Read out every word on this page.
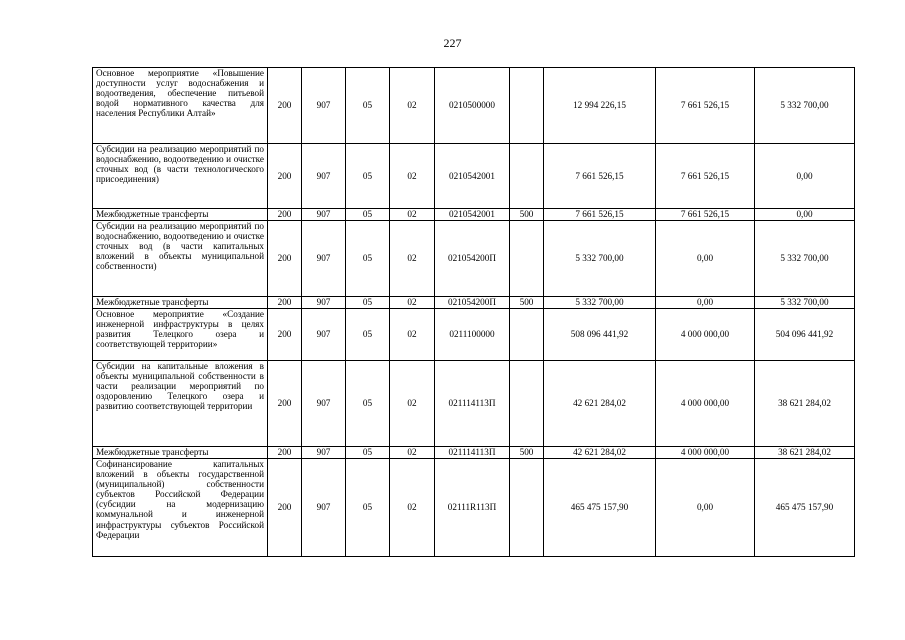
227
Основное мероприятие «Повышение доступности услуг водоснабжения и водоотведения, обеспечение питьевой водой нормативного качества для населения Республики Алтай»	200	907	05	02	0210500000		12 994 226,15	7 661 526,15	5 332 700,00
Субсидии на реализацию мероприятий по водоснабжению, водоотведению и очистке сточных вод (в части технологического присоединения)	200	907	05	02	0210542001		7 661 526,15	7 661 526,15	0,00
Межбюджетные трансферты	200	907	05	02	0210542001	500	7 661 526,15	7 661 526,15	0,00
Субсидии на реализацию мероприятий по водоснабжению, водоотведению и очистке сточных вод (в части капитальных вложений в объекты муниципальной собственности)	200	907	05	02	021054200П		5 332 700,00	0,00	5 332 700,00
Межбюджетные трансферты	200	907	05	02	021054200П	500	5 332 700,00	0,00	5 332 700,00
Основное мероприятие «Создание инженерной инфраструктуры в целях развития Телецкого озера и соответствующей территории»	200	907	05	02	0211100000		508 096 441,92	4 000 000,00	504 096 441,92
Субсидии на капитальные вложения в объекты муниципальной собственности в части реализации мероприятий по оздоровлению Телецкого озера и развитию соответствующей территории	200	907	05	02	021114113П		42 621 284,02	4 000 000,00	38 621 284,02
Межбюджетные трансферты	200	907	05	02	021114113П	500	42 621 284,02	4 000 000,00	38 621 284,02
Софинансирование капитальных вложений в объекты государственной (муниципальной) собственности субъектов Российской Федерации (субсидии на модернизацию коммунальной и инженерной инфраструктуры субъектов Российской Федерации	200	907	05	02	02111R113П		465 475 157,90	0,00	465 475 157,90
